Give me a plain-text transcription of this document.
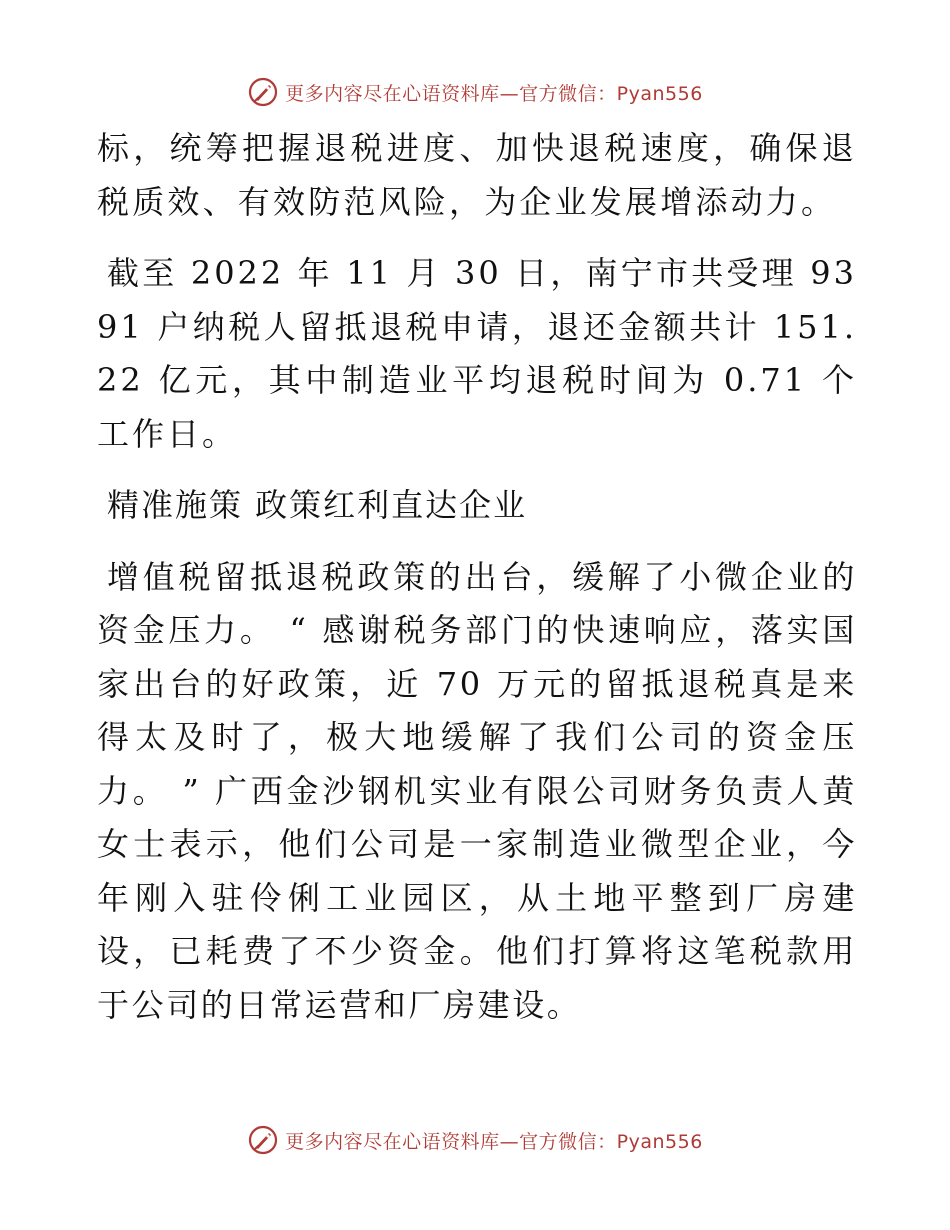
更多内容尽在心语资料库—官方微信：Pyan556

标，统筹把握退税进度、加快退税速度，确保退税质效、有效防范风险，为企业发展增添动力。

截至 2022 年 11 月 30 日，南宁市共受理 9391 户纳税人留抵退税申请，退还金额共计 151.22 亿元，其中制造业平均退税时间为 0.71 个工作日。

精准施策 政策红利直达企业

增值税留抵退税政策的出台，缓解了小微企业的资金压力。 “ 感谢税务部门的快速响应，落实国家出台的好政策，近 70 万元的留抵退税真是来得太及时了，极大地缓解了我们公司的资金压力。 ” 广西金沙钢机实业有限公司财务负责人黄女士表示，他们公司是一家制造业微型企业，今年刚入驻伶俐工业园区，从土地平整到厂房建设，已耗费了不少资金。他们打算将这笔税款用于公司的日常运营和厂房建设。

更多内容尽在心语资料库—官方微信：Pyan556
